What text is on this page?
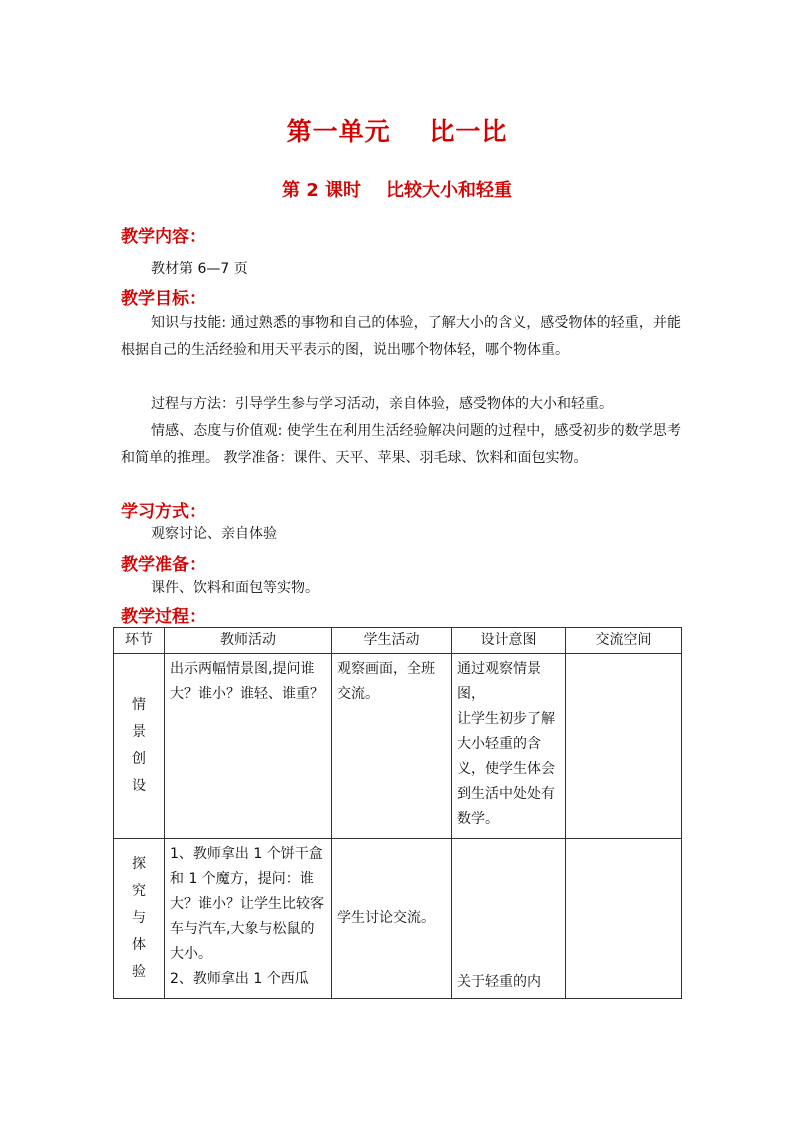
第一单元    比一比
第 2 课时    比较大小和轻重
教学内容：
教材第 6—7 页
教学目标：
知识与技能: 通过熟悉的事物和自己的体验，了解大小的含义，感受物体的轻重，并能根据自己的生活经验和用天平表示的图，说出哪个物体轻，哪个物体重。
过程与方法：引导学生参与学习活动，亲自体验，感受物体的大小和轻重。
情感、态度与价值观: 使学生在利用生活经验解决问题的过程中，感受初步的数学思考和简单的推理。 教学准备：课件、天平、苹果、羽毛球、饮料和面包实物。
学习方式：
观察讨论、亲自体验
教学准备：
课件、饮料和面包等实物。
教学过程：
环节	教师活动	学生活动	设计意图	交流空间

情景创设	出示两幅情景图,提问谁大？谁小？谁轻、谁重？	观察画面，全班交流。	通过观察情景图，
让学生初步了解大小轻重的含义，使学生体会到生活中处处有数学。	

探究与体验	1、教师拿出 1 个饼干盒和 1 个魔方，提问：谁大？谁小？让学生比较客车与汽车,大象与松鼠的大小。
2、教师拿出 1 个西瓜	学生讨论交流。	关于轻重的内	
